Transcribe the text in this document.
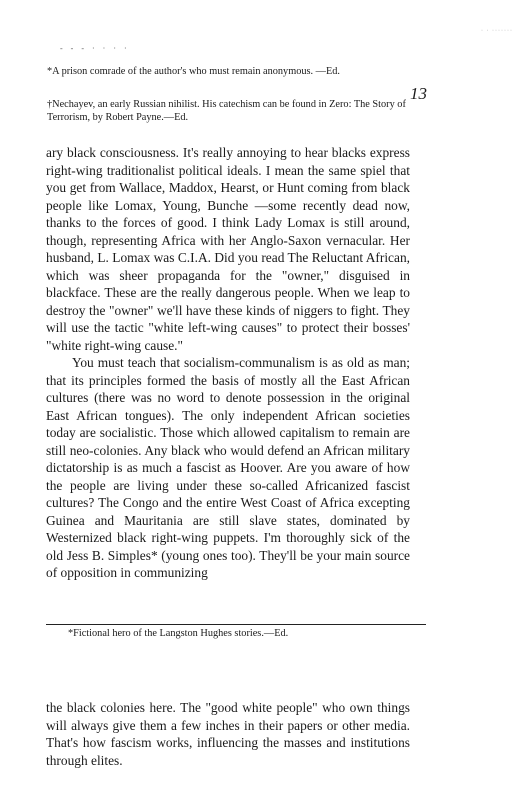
- - - · · · ·
· · ·······
*A prison comrade of the author's who must remain anonymous. —Ed.
†Nechayev, an early Russian nihilist. His catechism can be found in Zero: The Story of Terrorism, by Robert Payne.—Ed.
13

ary black consciousness. It's really annoying to hear blacks express right-wing traditionalist political ideals. I mean the same spiel that you get from Wallace, Maddox, Hearst, or Hunt coming from black people like Lomax, Young, Bunche —some recently dead now, thanks to the forces of good. I think Lady Lomax is still around, though, representing Africa with her Anglo-Saxon vernacular. Her husband, L. Lomax was C.I.A. Did you read The Reluctant African, which was sheer propaganda for the "owner," disguised in blackface. These are the really dangerous people. When we leap to destroy the "owner" we'll have these kinds of niggers to fight. They will use the tactic "white left-wing causes" to protect their bosses' "white right-wing cause."

You must teach that socialism-communalism is as old as man; that its principles formed the basis of mostly all the East African cultures (there was no word to denote possession in the original East African tongues). The only independent African societies today are socialistic. Those which allowed capitalism to remain are still neo-colonies. Any black who would defend an African military dictatorship is as much a fascist as Hoover. Are you aware of how the people are living under these so-called Africanized fascist cultures? The Congo and the entire West Coast of Africa excepting Guinea and Mauritania are still slave states, dominated by Westernized black right-wing puppets. I'm thoroughly sick of the old Jess B. Simples* (young ones too). They'll be your main source of opposition in communizing

*Fictional hero of the Langston Hughes stories.—Ed.

the black colonies here. The "good white people" who own things will always give them a few inches in their papers or other media. That's how fascism works, influencing the masses and institutions through elites.
